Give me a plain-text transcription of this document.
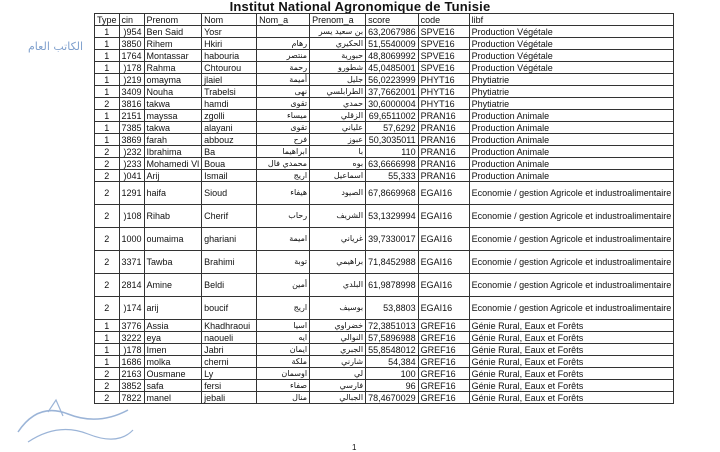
Institut National Agronomique de Tunisie
Type	cin	Prenom	Nom	Nom_a	Prenom_a	score	code	libf
1	)954	Ben Said	Yosr		بن سعيد يسر	63,2067986	SPVE16	Production Végétale
1	3850	Rihem	Hkiri	رهام	الحكيري	51,5540009	SPVE16	Production Végétale
1	1764	Montassar	habouria	منتصر	حبورية	48,8069992	SPVE16	Production Végétale
1	)178	Rahma	Chtourou	رحمة	شطورو	45,0485001	SPVE16	Production Végétale
1	)219	omayma	jlaiel	أميمة	جليل	56,0223999	PHYT16	Phytiatrie
1	3409	Nouha	Trabelsi	نهى	الطرابلسي	37,7662001	PHYT16	Phytiatrie
2	3816	takwa	hamdi	تقوى	حمدي	30,6000004	PHYT16	Phytiatrie
1	2151	mayssa	zgolli	ميساء	الزقلي	69,6511002	PRAN16	Production Animale
1	7385	takwa	alayani	تقوى	علياني	57,6292	PRAN16	Production Animale
1	3869	farah	abbouz	فرح	عبوز	50,3035011	PRAN16	Production Animale
2	)232	Ibrahima	Ba	ابراهيما	با	110	PRAN16	Production Animale
2	)233	Mohamedi Vl	Boua	محمدي فال	بوه	63,6666998	PRAN16	Production Animale
2	)041	Arij	Ismail	اريج	اسماعيل	55,333	PRAN16	Production Animale
2	1291	haifa	Sioud	هيفاء	الصيود	67,8669968	EGAI16	Economie / gestion Agricole et industroalimentaire
2	)108	Rihab	Cherif	رحاب	الشريف	53,1329994	EGAI16	Economie / gestion Agricole et industroalimentaire
2	1000	oumaima	ghariani	اميمة	غرياني	39,7330017	EGAI16	Economie / gestion Agricole et industroalimentaire
2	3371	Tawba	Brahimi	توبة	براهيمي	71,8452988	EGAI16	Economie / gestion Agricole et industroalimentaire
2	2814	Amine	Beldi	أمين	البلدي	61,9878998	EGAI16	Economie / gestion Agricole et industroalimentaire
2	)174	arij	boucif	اريج	بوسيف	53,8803	EGAI16	Economie / gestion Agricole et industroalimentaire
1	3776	Assia	Khadhraoui	اسيا	خضراوي	72,3851013	GREF16	Génie Rural, Eaux et Forêts
1	3222	eya	naoueli	ايه	النوالي	57,5896988	GREF16	Génie Rural, Eaux et Forêts
1	)178	Imen	Jabri	ايمان	الجبري	55,8548012	GREF16	Génie Rural, Eaux et Forêts
1	1686	molka	cherni	ملكة	شارني	54,384	GREF16	Génie Rural, Eaux et Forêts
2	2163	Ousmane	Ly	اوسمان	لي	100	GREF16	Génie Rural, Eaux et Forêts
2	3852	safa	fersi	صفاء	فارسي	96	GREF16	Génie Rural, Eaux et Forêts
2	7822	manel	jebali	منال	الجبالي	78,4670029	GREF16	Génie Rural, Eaux et Forêts
الكاتب العام
1
